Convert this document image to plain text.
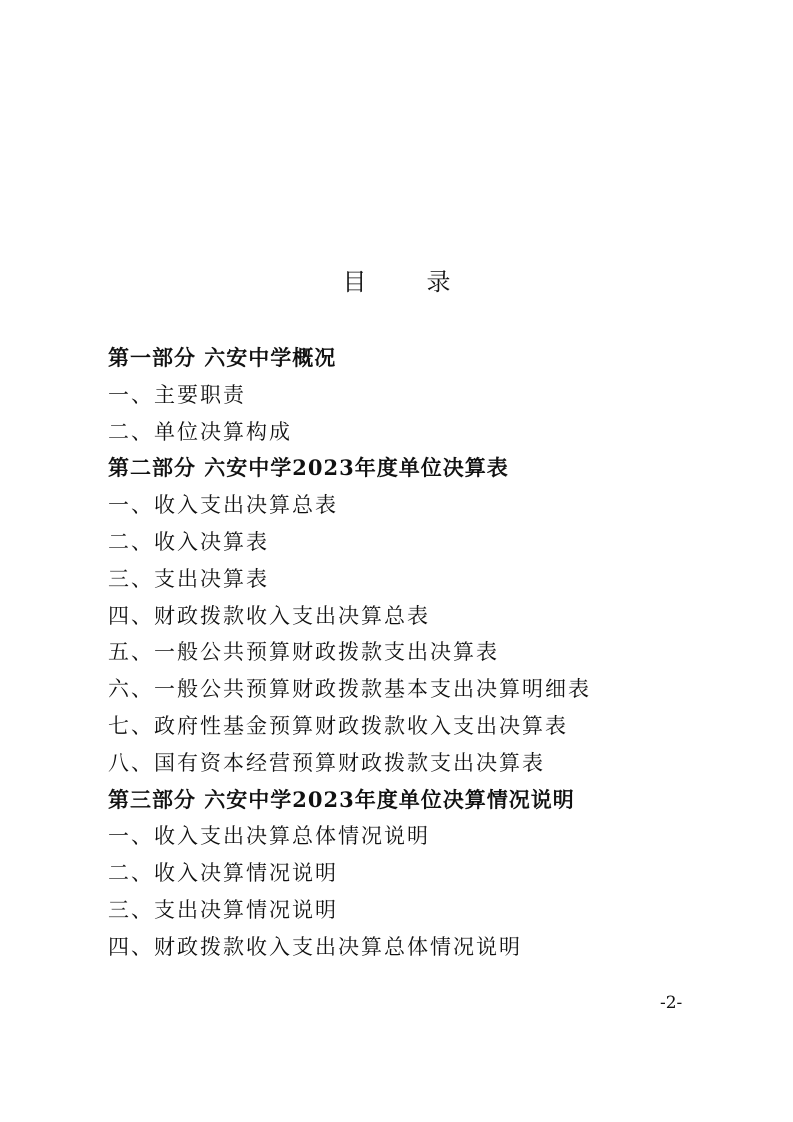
目　录
第一部分 六安中学概况
一、主要职责
二、单位决算构成
第二部分 六安中学2023年度单位决算表
一、收入支出决算总表
二、收入决算表
三、支出决算表
四、财政拨款收入支出决算总表
五、一般公共预算财政拨款支出决算表
六、一般公共预算财政拨款基本支出决算明细表
七、政府性基金预算财政拨款收入支出决算表
八、国有资本经营预算财政拨款支出决算表
第三部分 六安中学2023年度单位决算情况说明
一、收入支出决算总体情况说明
二、收入决算情况说明
三、支出决算情况说明
四、财政拨款收入支出决算总体情况说明
-2-
